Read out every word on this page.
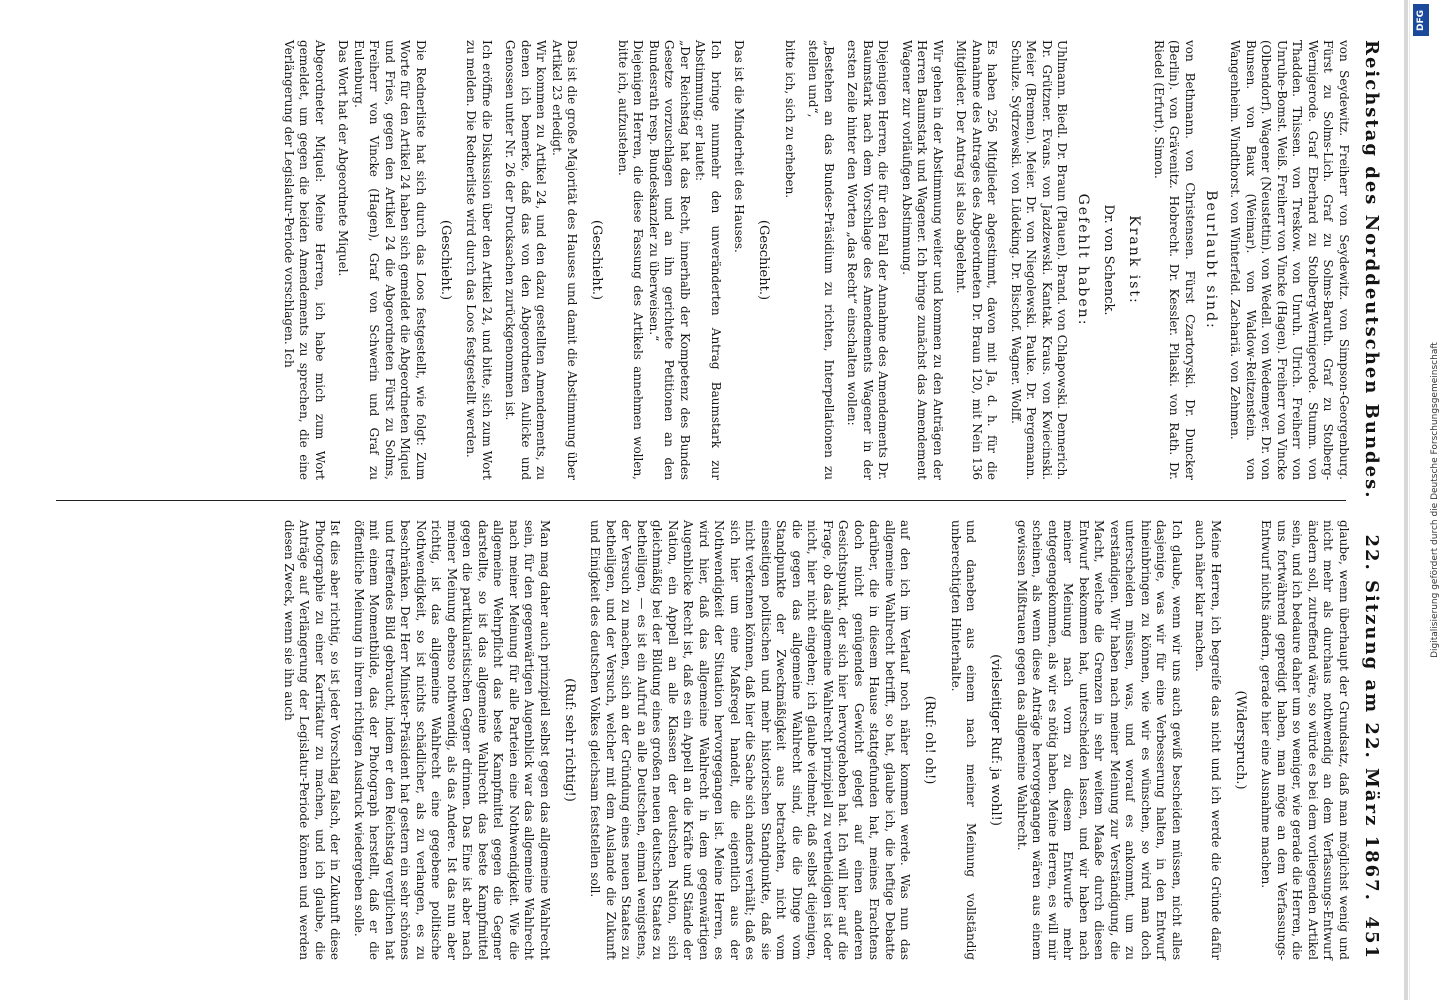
Reichstag des Norddeutschen Bundes.

von Seydewitz. Freiherr von Seydewitz. von Simpson-Georgenburg. Fürst zu Solms-Lich. Graf zu Solms-Baruth. Graf zu Stolberg-Wernigerode. Graf Eberhard zu Stolberg-Wernigerode. Stumm. von Thadden. Thissen. von Treskow. von Unruh. Ulrich. Freiherr von Unruhe-Bomst. Weiß. Freiherr von Vincke (Hagen). Freiherr von Vincke (Olbendorf). Wagener (Neustettin). von Wedell. von Wedemeyer. Dr. von Bunsen. von Baux (Weimar). von Waldow-Reitzenstein. von Wangenheim. Windthorst. von Winterfeld. Zachariä. von Zehmen.

Beurlaubt sind:

von Bethmann. von Christensen. Fürst Czartoryski. Dr. Duncker (Berlin). von Grävenitz. Hobrecht. Dr. Kessler. Pilaski. von Rath. Dr. Riedel (Erfurt). Simon.

Krank ist:
Dr. von Schenck.
Gefehlt haben:

Uhlmann. Biedl. Dr. Braun (Plauen). Brand. von Chlapowski. Dennerich. Dr. Grützner. Evans. von Jazdzewski. Kantak. Kraus. von Kwiecinski. Meier (Bremen). Meier. Dr. von Niegolewski. Pauke. Dr. Pergemann. Schulze. Sydrzewski. von Lüdeking. Dr. Bischof. Wagner. Wolff.

Es haben 256 Mitglieder abgestimmt, davon mit Ja, d. h. für die Annahme des Antrages des Abgeordneten Dr. Braun 120, mit Nein 136 Mitglieder. Der Antrag ist also abgelehnt.

Wir gehen in der Abstimmung weiter und kommen zu den Anträgen der Herren Baumstark und Wagener. Ich bringe zunächst das Amendement Wagener zur vorläufigen Abstimmung.

Diejenigen Herren, die für den Fall der Annahme des Amendements Dr. Baumstark nach dem Vorschlage des Amendements Wagener in der ersten Zeile hinter den Worten „das Recht“ einschalten wollen:

„Bestehen an das Bundes-Präsidium zu richten, Interpellationen zu stellen und“,

bitte ich, sich zu erheben.

(Geschieht.)

Das ist die Minderheit des Hauses.

Ich bringe nunmehr den unveränderten Antrag Baumstark zur Abstimmung; er lautet:
„Der Reichstag hat das Recht, innerhalb der Kompetenz des Bundes Gesetze vorzuschlagen und an ihn gerichtete Petitionen an den Bundesrath resp. Bundeskanzler zu überweisen.“
Diejenigen Herren, die diese Fassung des Artikels annehmen wollen, bitte ich, aufzustehen.

(Geschieht.)

Das ist die große Majorität des Hauses und damit die Abstimmung über Artikel 23 erledigt.
Wir kommen zu Artikel 24, und den dazu gestellten Amendements, zu denen ich bemerke, daß das von den Abgeordneten Aulicke und Genossen unter Nr. 26 der Drucksachen zurückgenommen ist.

Ich eröffne die Diskussion über den Artikel 24, und bitte, sich zum Wort zu melden. Die Rednerliste wird durch das Loos festgestellt werden.

(Geschieht.)

Die Rednerliste hat sich durch das Loos festgestellt, wie folgt: Zum Worte für den Artikel 24 haben sich gemeldet die Abgeordneten Miquel und Fries, gegen den Artikel 24 die Abgeordneten Fürst zu Solms, Freiherr von Vincke (Hagen), Graf von Schwerin und Graf zu Eulenburg.
Das Wort hat der Abgeordnete Miquel.

Abgeordneter Miquel: Meine Herren, ich habe mich zum Wort gemeldet, um gegen die beiden Amendements zu sprechen, die eine Verlängerung der Legislatur-Periode vorschlagen. Ich

22. Sitzung am 22. März 1867.
451

glaube, wenn überhaupt der Grundsatz, daß man möglichst wenig und nicht mehr als durchaus nothwendig an dem Verfassungs-Entwurf ändern soll, zutreffend wäre, so würde es bei dem vorliegenden Artikel sein, und ich bedaure daher um so weniger, wie gerade die Herren, die uns fortwährend gepredigt haben, man möge an dem Verfassungs-Entwurf nichts ändern, gerade hier eine Ausnahme machen.

(Widerspruch.)

Meine Herren, ich begreife das nicht und ich werde die Gründe dafür auch näher klar machen.

Ich glaube, wenn wir uns auch gewiß bescheiden müssen, nicht alles dasjenige, was wir für eine Verbesserung halten, in den Entwurf hineinbringen zu können, wie wir es wünschen, so wird man doch unterscheiden müssen, was, und worauf es ankommt, um zu verständigen. Wir haben nach meiner Meinung zur Verständigung, die Macht, welche die Grenzen in sehr weitem Maaße durch diesen Entwurf bekommen hat, unterscheiden lassen, und wir haben nach meiner Meinung nach vorn zu diesem Entwurfe mehr entgegengekommen, als wir es nötig haben. Meine Herren, es will mir scheinen, als wenn diese Anträge hervorgegangen wären aus einem gewissen Mißtrauen gegen das allgemeine Wahlrecht.

(vielseitiger Ruf: ja wohl!)

und daneben aus einem nach meiner Meinung vollständig unberechtigten Hinterhalte.

(Ruf: oh! oh!)

auf den ich im Verlauf noch näher kommen werde. Was nun das allgemeine Wahlrecht betrifft, so hat, glaube ich, die heftige Debatte darüber, die in diesem Hause stattgefunden hat, meines Erachtens doch nicht genügendes Gewicht gelegt auf einen anderen Gesichtspunkt, der sich hier hervorgehoben hat. Ich will hier auf die Frage, ob das allgemeine Wahlrecht prinzipiell zu vertheidigen ist oder nicht, hier nicht eingehen; ich glaube vielmehr, daß selbst diejenigen, die gegen das allgemeine Wahlrecht sind, die die Dinge vom Standpunkte der Zweckmäßigkeit aus betrachten, nicht vom einseitigen politischen und mehr historischen Standpunkte, daß sie nicht verkennen können, daß hier die Sache sich anders verhält; daß es sich hier um eine Maßregel handelt, die eigentlich aus der Nothwendigkeit der Situation hervorgegangen ist. Meine Herren, es wird hier, daß das allgemeine Wahlrecht in dem gegenwärtigen Augenblicke Recht ist, daß es ein Appell an die Kräfte und Stände der Nation, ein Appell an alle Klassen der deutschen Nation, sich gleichmäßig bei der Bildung eines großen neuen deutschen Staates zu betheiligen, — es ist ein Aufruf an alle Deutschen, einmal wenigstens, der Versuch zu machen, sich an der Gründung eines neuen Staates zu betheiligen, und der Versuch, welcher mit dem Auslande die Zukunft und Einigkeit des deutschen Volkes gleichsam feststellen soll.

(Ruf: sehr richtig!)

Man mag daher auch prinzipiell selbst gegen das allgemeine Wahlrecht sein, für den gegenwärtigen Augenblick war das allgemeine Wahlrecht nach meiner Meinung für alle Parteien eine Nothwendigkeit. Wie die allgemeine Wehrpflicht das beste Kampfmittel gegen die Gegner darstellte, so ist das allgemeine Wahlrecht das beste Kampfmittel gegen die partikularistischen Gegner drinnen. Das Eine ist aber nach meiner Meinung ebenso nothwendig, als das Andere. Ist das nun aber richtig, ist das allgemeine Wahlrecht eine gegebene politische Nothwendigkeit, so ist nichts schädlicher, als zu verlangen, es zu beschränken. Der Herr Minister-Präsident hat gestern ein sehr schönes und treffendes Bild gebraucht, indem er den Reichstag verglichen hat mit einem Momentbilde, das der Photograph herstellt, daß er die öffentliche Meinung in ihrem richtigen Ausdruck wiedergeben solle.

Ist dies aber richtig, so ist jeder Vorschlag falsch, der in Zukunft diese Photographie zu einer Karrikatur zu machen, und ich glaube, die Anträge auf Verlängerung der Legislatur-Periode können und werden diesen Zweck, wenn sie ihn auch

DFG
Digitalisierung gefördert durch die Deutsche Forschungsgemeinschaft
